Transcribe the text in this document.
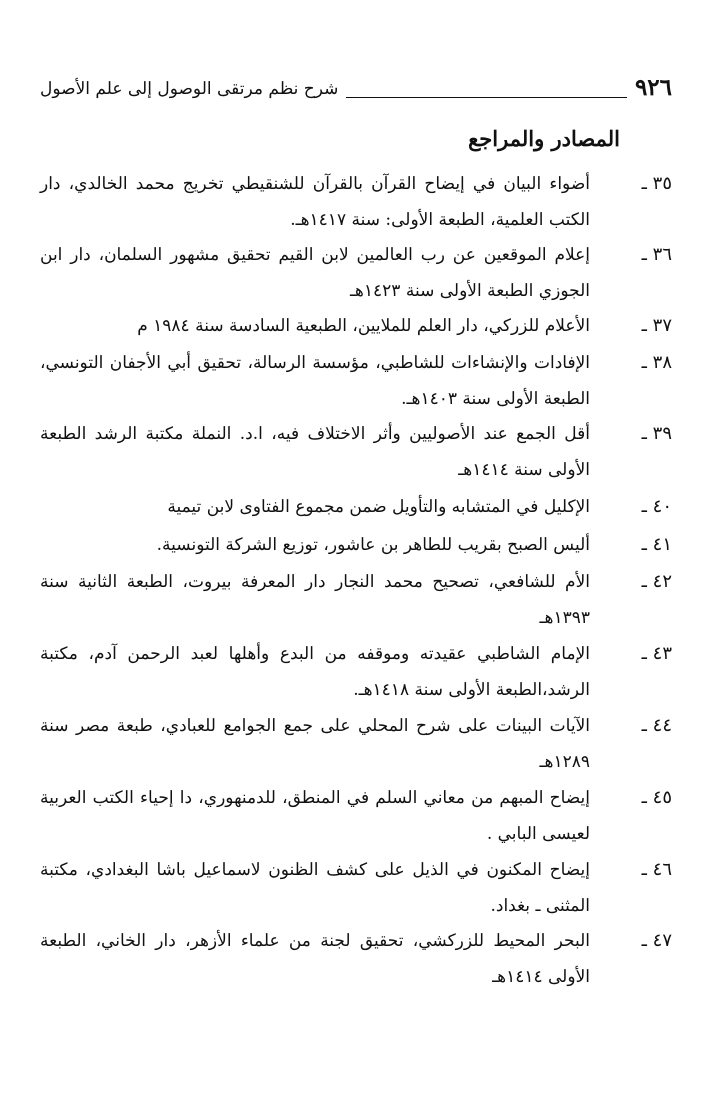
٩٢٦
شرح نظم مرتقى الوصول إلى علم الأصول
المصادر والمراجع
٣٥ ـ
أضواء البيان في إيضاح القرآن بالقرآن للشنقيطي تخريج محمد الخالدي، دار الكتب العلمية، الطبعة الأولى: سنة ١٤١٧هـ.
٣٦ ـ
إعلام الموقعين عن رب العالمين لابن القيم تحقيق مشهور السلمان، دار ابن الجوزي الطبعة الأولى سنة ١٤٢٣هـ
٣٧ ـ
الأعلام للزركي، دار العلم للملايين، الطبعية السادسة سنة ١٩٨٤ م
٣٨ ـ
الإفادات والإنشاءات للشاطبي، مؤسسة الرسالة، تحقيق أبي الأجفان التونسي، الطبعة الأولى سنة ١٤٠٣هـ.
٣٩ ـ
أقل الجمع عند الأصوليين وأثر الاختلاف فيه، ا.د. النملة مكتبة الرشد الطبعة الأولى سنة ١٤١٤هـ
٤٠ ـ
الإكليل في المتشابه والتأويل ضمن مجموع الفتاوى لابن تيمية
٤١ ـ
أليس الصبح بقريب للطاهر بن عاشور، توزيع الشركة التونسية.
٤٢ ـ
الأم للشافعي، تصحيح محمد النجار دار المعرفة بيروت، الطبعة الثانية سنة ١٣٩٣هـ
٤٣ ـ
الإمام الشاطبي عقيدته وموقفه من البدع وأهلها لعبد الرحمن آدم، مكتبة الرشد،الطبعة الأولى سنة ١٤١٨هـ.
٤٤ ـ
الآيات البينات على شرح المحلي على جمع الجوامع للعبادي، طبعة مصر سنة ١٢٨٩هـ
٤٥ ـ
إيضاح المبهم من معاني السلم في المنطق، للدمنهوري، دا إحياء الكتب العربية لعيسى البابي .
٤٦ ـ
إيضاح المكنون في الذيل على كشف الظنون لاسماعيل باشا البغدادي، مكتبة المثنى ـ بغداد.
٤٧ ـ
البحر المحيط للزركشي، تحقيق لجنة من علماء الأزهر، دار الخاني، الطبعة الأولى ١٤١٤هـ
